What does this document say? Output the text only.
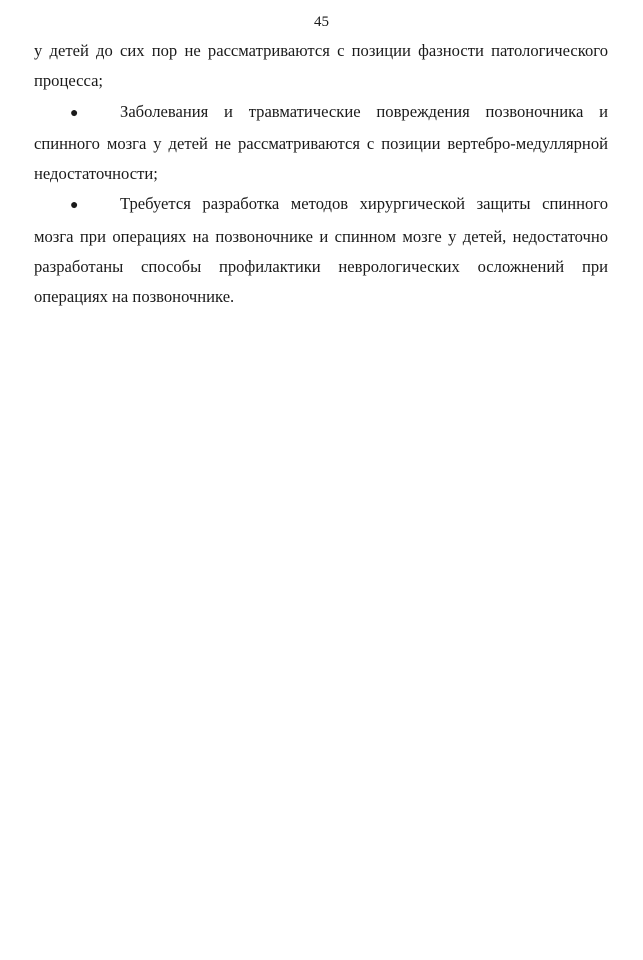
45

у детей до сих пор не рассматриваются с позиции фазности патологического процесса;

●	Заболевания и травматические повреждения позвоночника и спинного мозга у детей не рассматриваются с позиции вертебро-медуллярной недостаточности;

●	Требуется разработка методов хирургической защиты спинного мозга при операциях на позвоночнике и спинном мозге у детей, недостаточно разработаны способы профилактики неврологических осложнений при операциях на позвоночнике.
